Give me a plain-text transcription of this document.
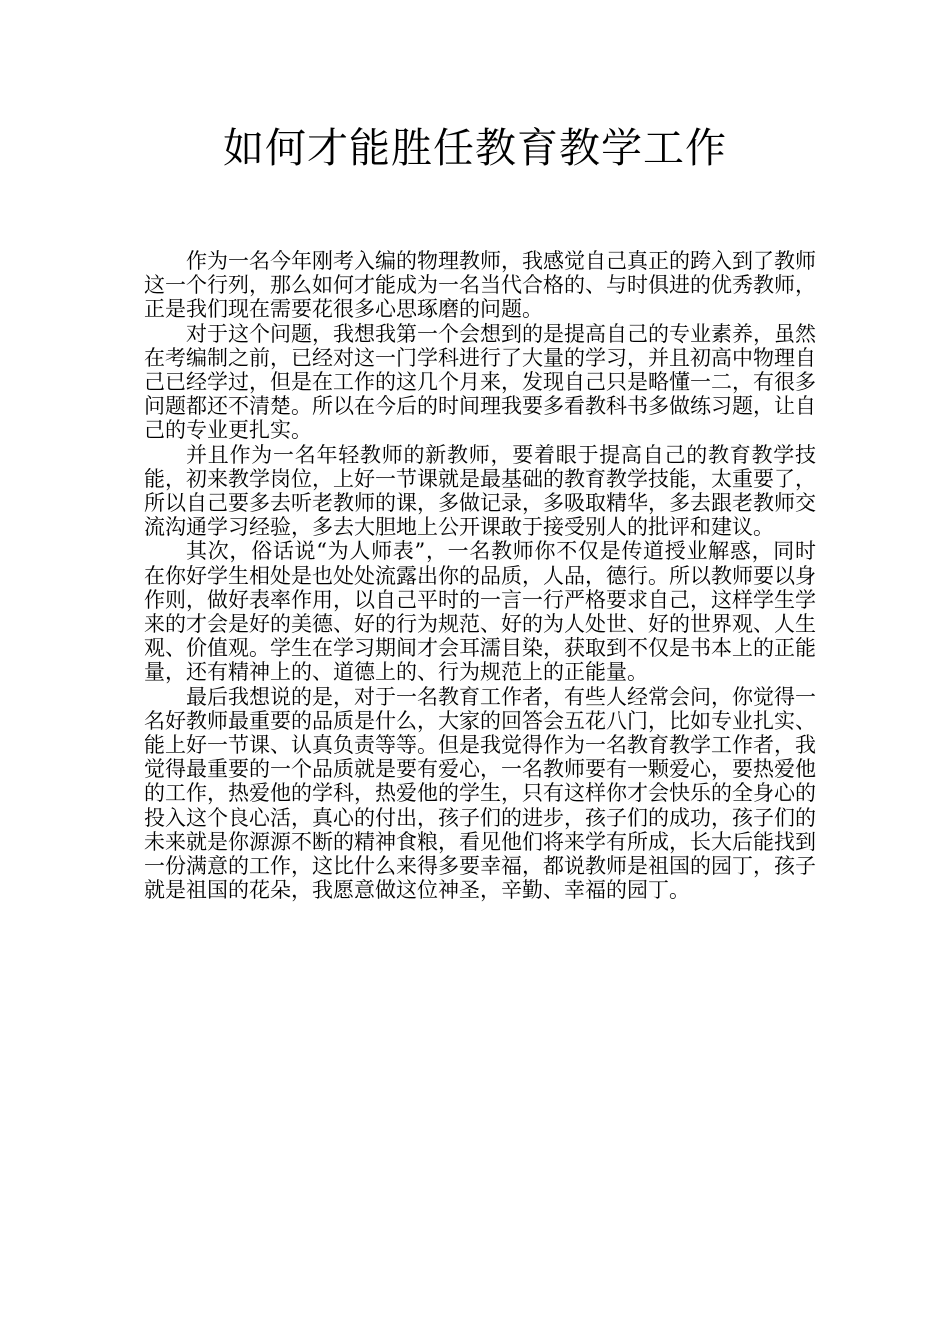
如何才能胜任教育教学工作

作为一名今年刚考入编的物理教师，我感觉自己真正的跨入到了教师这一个行列，那么如何才能成为一名当代合格的、与时俱进的优秀教师，正是我们现在需要花很多心思琢磨的问题。

对于这个问题，我想我第一个会想到的是提高自己的专业素养，虽然在考编制之前，已经对这一门学科进行了大量的学习，并且初高中物理自己已经学过，但是在工作的这几个月来，发现自己只是略懂一二，有很多问题都还不清楚。所以在今后的时间理我要多看教科书多做练习题，让自己的专业更扎实。

并且作为一名年轻教师的新教师，要着眼于提高自己的教育教学技能，初来教学岗位，上好一节课就是最基础的教育教学技能，太重要了，所以自己要多去听老教师的课，多做记录，多吸取精华，多去跟老教师交流沟通学习经验，多去大胆地上公开课敢于接受别人的批评和建议。

其次，俗话说“为人师表”，一名教师你不仅是传道授业解惑，同时在你好学生相处是也处处流露出你的品质，人品，德行。所以教师要以身作则，做好表率作用，以自己平时的一言一行严格要求自己，这样学生学来的才会是好的美德、好的行为规范、好的为人处世、好的世界观、人生观、价值观。学生在学习期间才会耳濡目染，获取到不仅是书本上的正能量，还有精神上的、道德上的、行为规范上的正能量。

最后我想说的是，对于一名教育工作者，有些人经常会问，你觉得一名好教师最重要的品质是什么，大家的回答会五花八门，比如专业扎实、能上好一节课、认真负责等等。但是我觉得作为一名教育教学工作者，我觉得最重要的一个品质就是要有爱心，一名教师要有一颗爱心，要热爱他的工作，热爱他的学科，热爱他的学生，只有这样你才会快乐的全身心的投入这个良心活，真心的付出，孩子们的进步，孩子们的成功，孩子们的未来就是你源源不断的精神食粮，看见他们将来学有所成，长大后能找到一份满意的工作，这比什么来得多要幸福，都说教师是祖国的园丁，孩子就是祖国的花朵，我愿意做这位神圣，辛勤、幸福的园丁。
